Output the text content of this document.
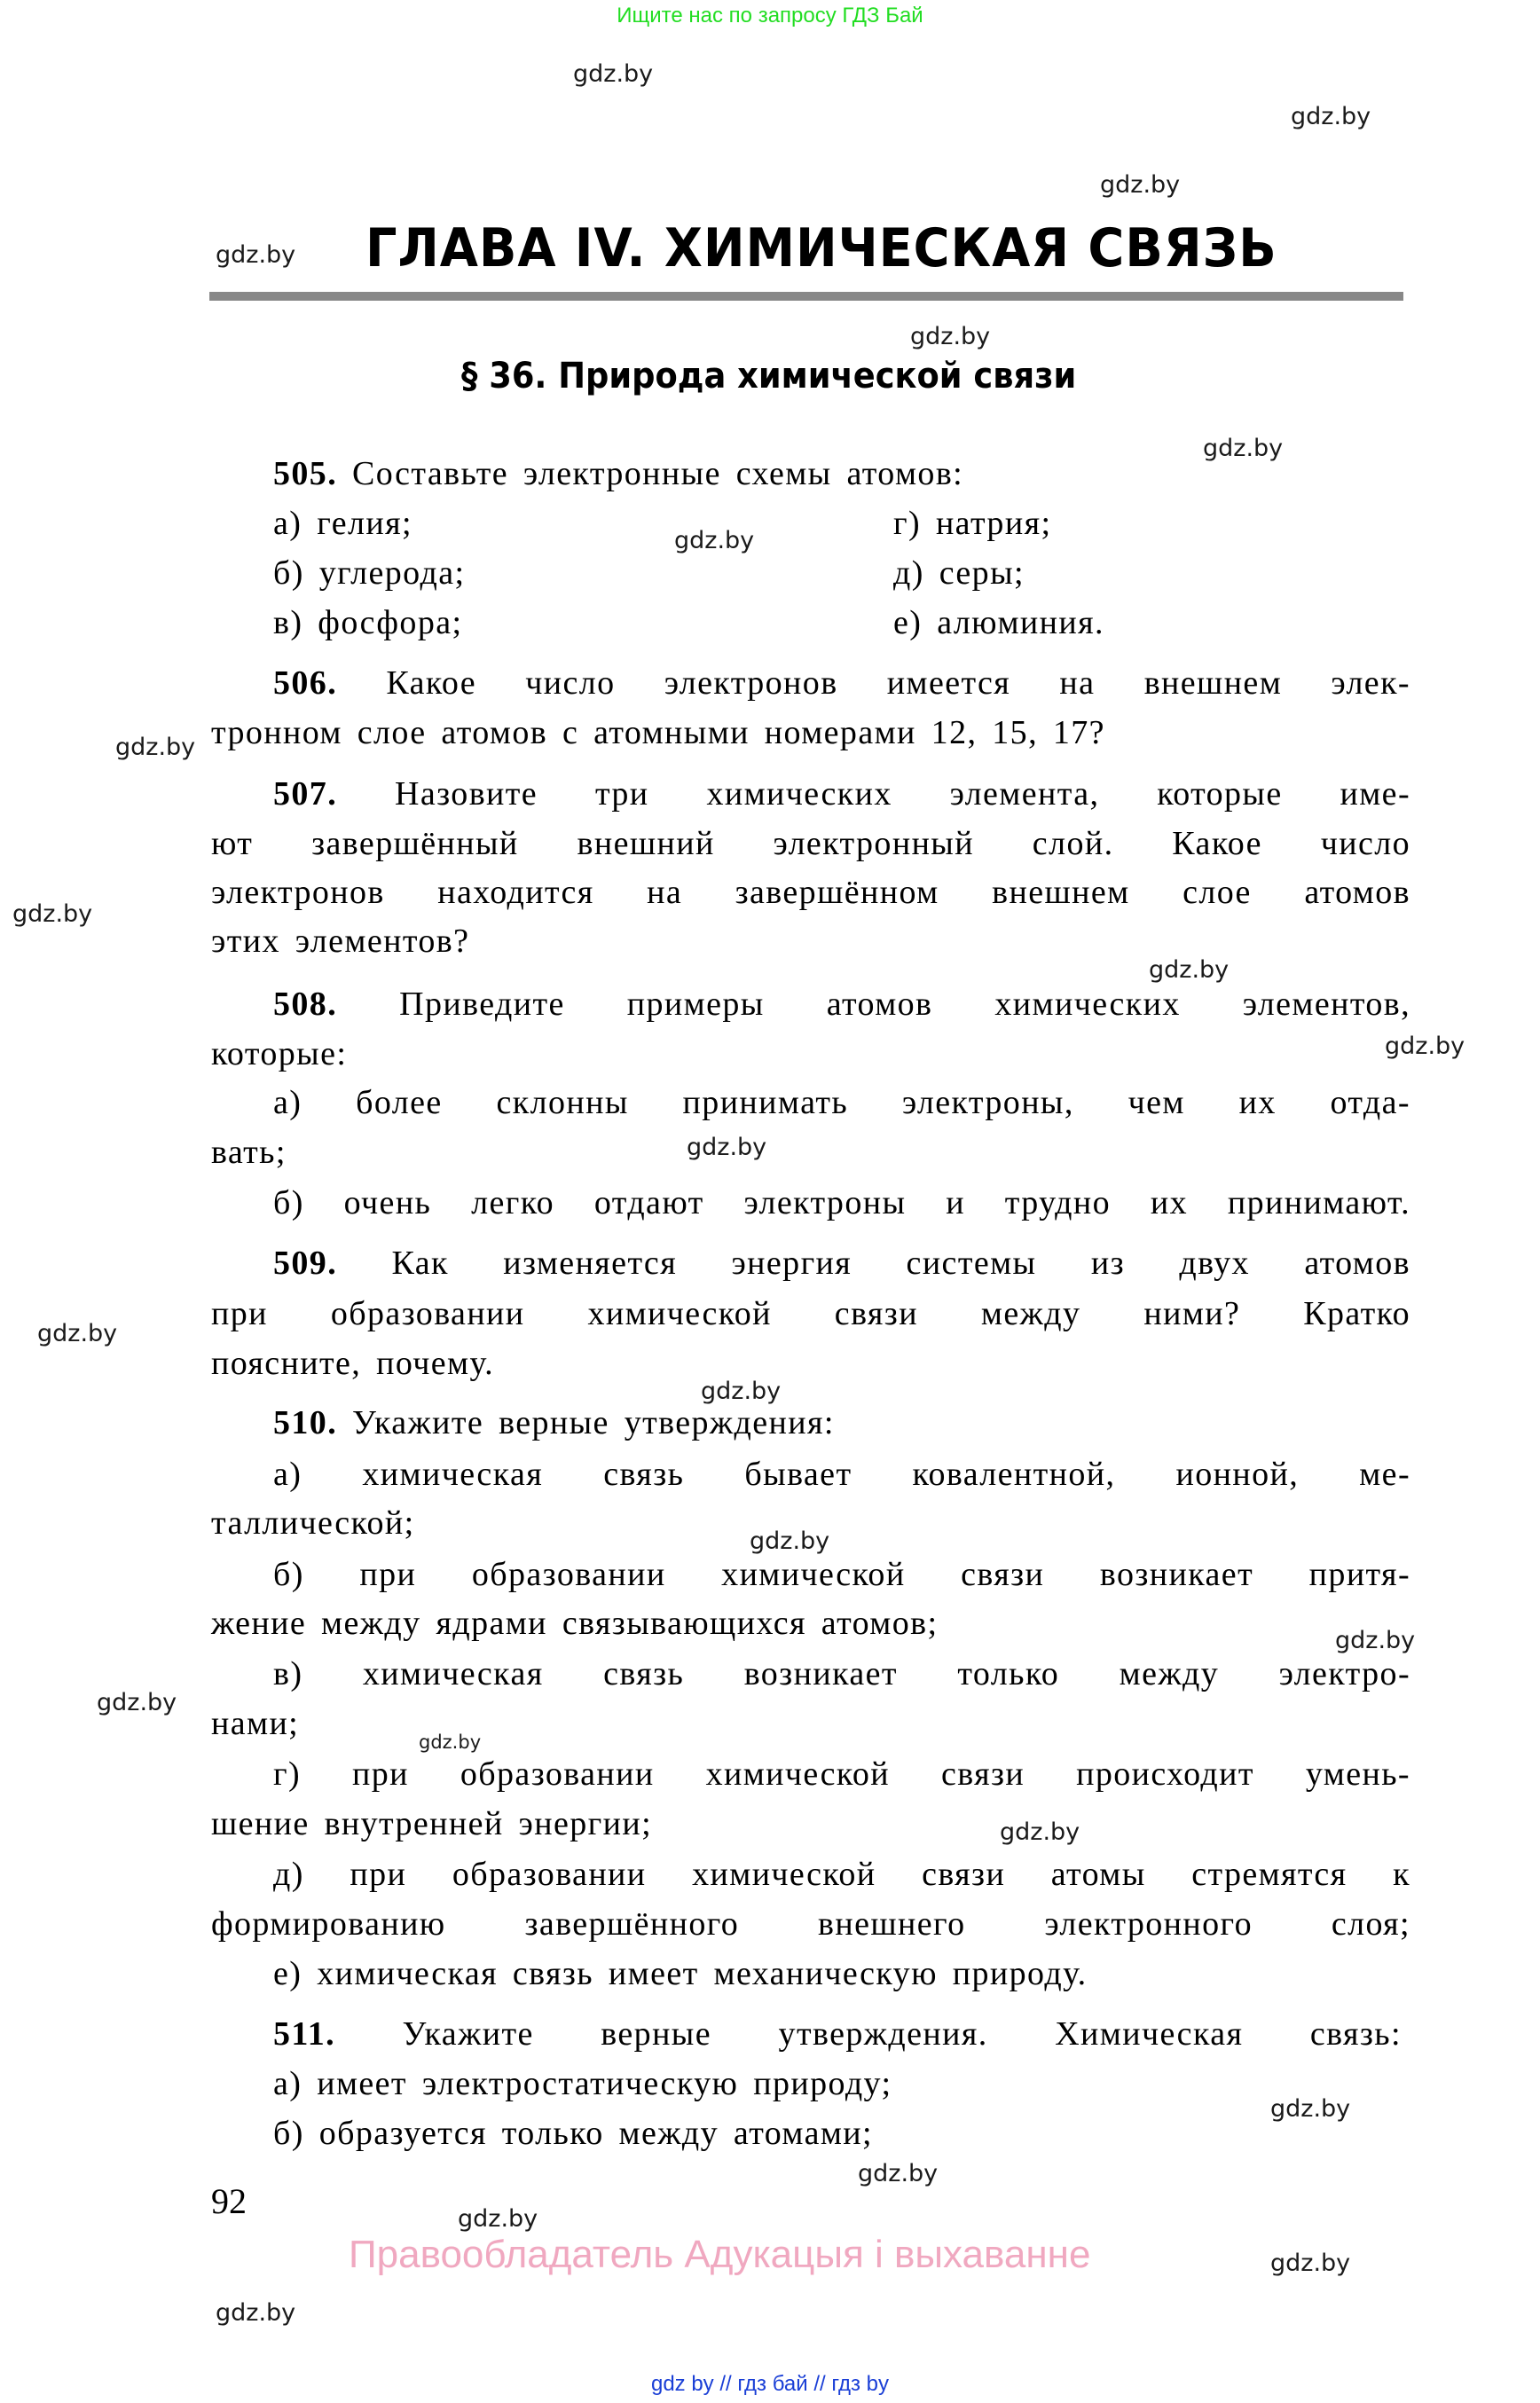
Ищите нас по запросу ГДЗ Бай
gdz.by
gdz.by
gdz.by
gdz.by
gdz.by
gdz.by
gdz.by
gdz.by
gdz.by
gdz.by
gdz.by
gdz.by
gdz.by
gdz.by
gdz.by
gdz.by
gdz.by
gdz.by
gdz.by
gdz.by
gdz.by
gdz.by
gdz.by
gdz.by
ГЛАВА IV. ХИМИЧЕСКАЯ СВЯЗЬ
§ 36. Природа химической связи
505. Составьте электронные схемы атомов:
а) гелия;
б) углерода;
в) фосфора;
г) натрия;
д) серы;
е) алюминия.
506. Какое число электронов имеется на внешнем элек-
тронном слое атомов с атомными номерами 12, 15, 17?
507. Назовите три химических элемента, которые име-
ют завершённый внешний электронный слой. Какое число
электронов находится на завершённом внешнем слое атомов
этих элементов?
508. Приведите примеры атомов химических элементов,
которые:
а) более склонны принимать электроны, чем их отда-
вать;
б) очень легко отдают электроны и трудно их принимают.
509. Как изменяется энергия системы из двух атомов
при образовании химической связи между ними? Кратко
поясните, почему.
510. Укажите верные утверждения:
а) химическая связь бывает ковалентной, ионной, ме-
таллической;
б) при образовании химической связи возникает притя-
жение между ядрами связывающихся атомов;
в) химическая связь возникает только между электро-
нами;
г) при образовании химической связи происходит умень-
шение внутренней энергии;
д) при образовании химической связи атомы стремятся к
формированию завершённого внешнего электронного слоя;
е) химическая связь имеет механическую природу.
511. Укажите верные утверждения. Химическая связь:
а) имеет электростатическую природу;
б) образуется только между атомами;
92
Правообладатель Адукацыя і выхаванне
gdz by // гдз бай // гдз by
